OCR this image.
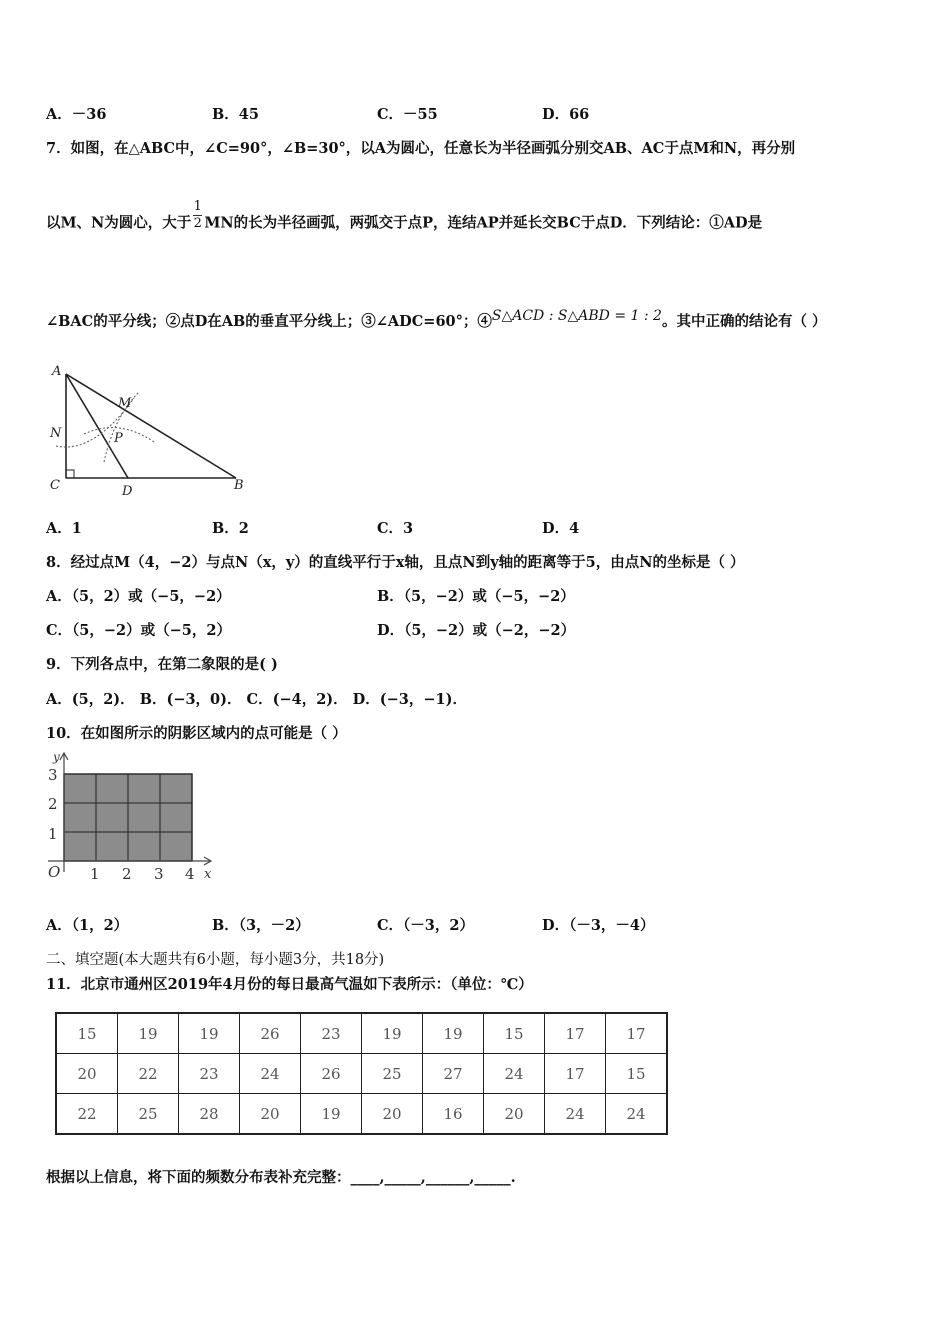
A．－36	B．45	C．－55	D．66
7．如图，在△ABC中，∠C=90°，∠B=30°，以A为圆心，任意长为半径画弧分别交AB、AC于点M和N，再分别
以M、N为圆心，大于 $\frac{1}{2}$ MN的长为半径画弧，两弧交于点P，连结AP并延长交BC于点D．下列结论：①AD是
∠BAC的平分线；②点D在AB的垂直平分线上；③∠ADC=60°；④S△ACD : S△ABD = 1 : 2。其中正确的结论有（ ）
A
M
N	P
C	D	B
A．1	B．2	C．3	D．4
8．经过点M（4，−2）与点N（x，y）的直线平行于x轴，且点N到y轴的距离等于5，由点N的坐标是（ ）
A．（5，2）或（−5，−2）	B．（5，−2）或（−5，−2）
C．（5，−2）或（−5，2）	D．（5，−2）或（−2，−2）
9．下列各点中，在第二象限的是( )
A．(5，2)． B．(−3，0)． C．(−4，2)． D．(−3，−1)．
10．在如图所示的阴影区域内的点可能是（ ）
y
x
O 1 2 3 4
1
2
3
A．（1，2）	B．（3，－2）	C．（－3，2）	D．（－3，－4）
二、填空题(本大题共有6小题，每小题3分，共18分)
11．北京市通州区2019年4月份的每日最高气温如下表所示：（单位：℃）
15	19	19	26	23	19	19	15	17	17
20	22	23	24	26	25	27	24	17	15
22	25	28	20	19	20	16	20	24	24
根据以上信息，将下面的频数分布表补充完整：____,_____,______,_____.
